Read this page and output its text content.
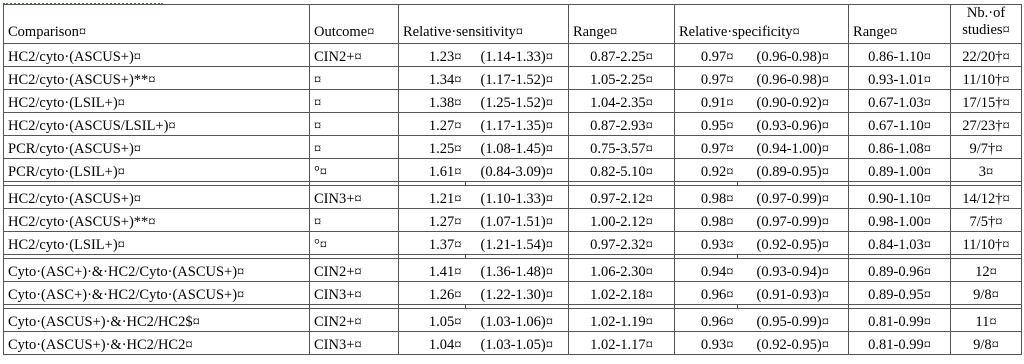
Comparison¤	Outcome¤	Relative·sensitivity¤		Range¤	Relative·specificity¤		Range¤	Nb.·of studies¤
HC2/cyto·(ASCUS+)¤	CIN2+¤	1.23¤	(1.14-1.33)¤	0.87-2.25¤	0.97¤	(0.96-0.98)¤	0.86-1.10¤	22/20†¤
HC2/cyto·(ASCUS+)**¤	¤	1.34¤	(1.17-1.52)¤	1.05-2.25¤	0.97¤	(0.96-0.98)¤	0.93-1.01¤	11/10†¤
HC2/cyto·(LSIL+)¤	¤	1.38¤	(1.25-1.52)¤	1.04-2.35¤	0.91¤	(0.90-0.92)¤	0.67-1.03¤	17/15†¤
HC2/cyto·(ASCUS/LSIL+)¤	¤	1.27¤	(1.17-1.35)¤	0.87-2.93¤	0.95¤	(0.93-0.96)¤	0.67-1.10¤	27/23†¤
PCR/cyto·(ASCUS+)¤	¤	1.25¤	(1.08-1.45)¤	0.75-3.57¤	0.97¤	(0.94-1.00)¤	0.86-1.08¤	9/7†¤
PCR/cyto·(LSIL+)¤	°¤	1.61¤	(0.84-3.09)¤	0.82-5.10¤	0.92¤	(0.89-0.95)¤	0.89-1.00¤	3¤

HC2/cyto·(ASCUS+)¤	CIN3+¤	1.21¤	(1.10-1.33)¤	0.97-2.12¤	0.98¤	(0.97-0.99)¤	0.90-1.10¤	14/12†¤
HC2/cyto·(ASCUS+)**¤	¤	1.27¤	(1.07-1.51)¤	1.00-2.12¤	0.98¤	(0.97-0.99)¤	0.98-1.00¤	7/5†¤
HC2/cyto·(LSIL+)¤	°¤	1.37¤	(1.21-1.54)¤	0.97-2.32¤	0.93¤	(0.92-0.95)¤	0.84-1.03¤	11/10†¤

Cyto·(ASC+)·&·HC2/Cyto·(ASCUS+)¤	CIN2+¤	1.41¤	(1.36-1.48)¤	1.06-2.30¤	0.94¤	(0.93-0.94)¤	0.89-0.96¤	12¤
Cyto·(ASC+)·&·HC2/Cyto·(ASCUS+)¤	CIN3+¤	1.26¤	(1.22-1.30)¤	1.02-2.18¤	0.96¤	(0.91-0.93)¤	0.89-0.95¤	9/8¤

Cyto·(ASCUS+)·&·HC2/HC2$¤	CIN2+¤	1.05¤	(1.03-1.06)¤	1.02-1.19¤	0.96¤	(0.95-0.99)¤	0.81-0.99¤	11¤
Cyto·(ASCUS+)·&·HC2/HC2¤	CIN3+¤	1.04¤	(1.03-1.05)¤	1.02-1.17¤	0.93¤	(0.92-0.95)¤	0.81-0.99¤	9/8¤
